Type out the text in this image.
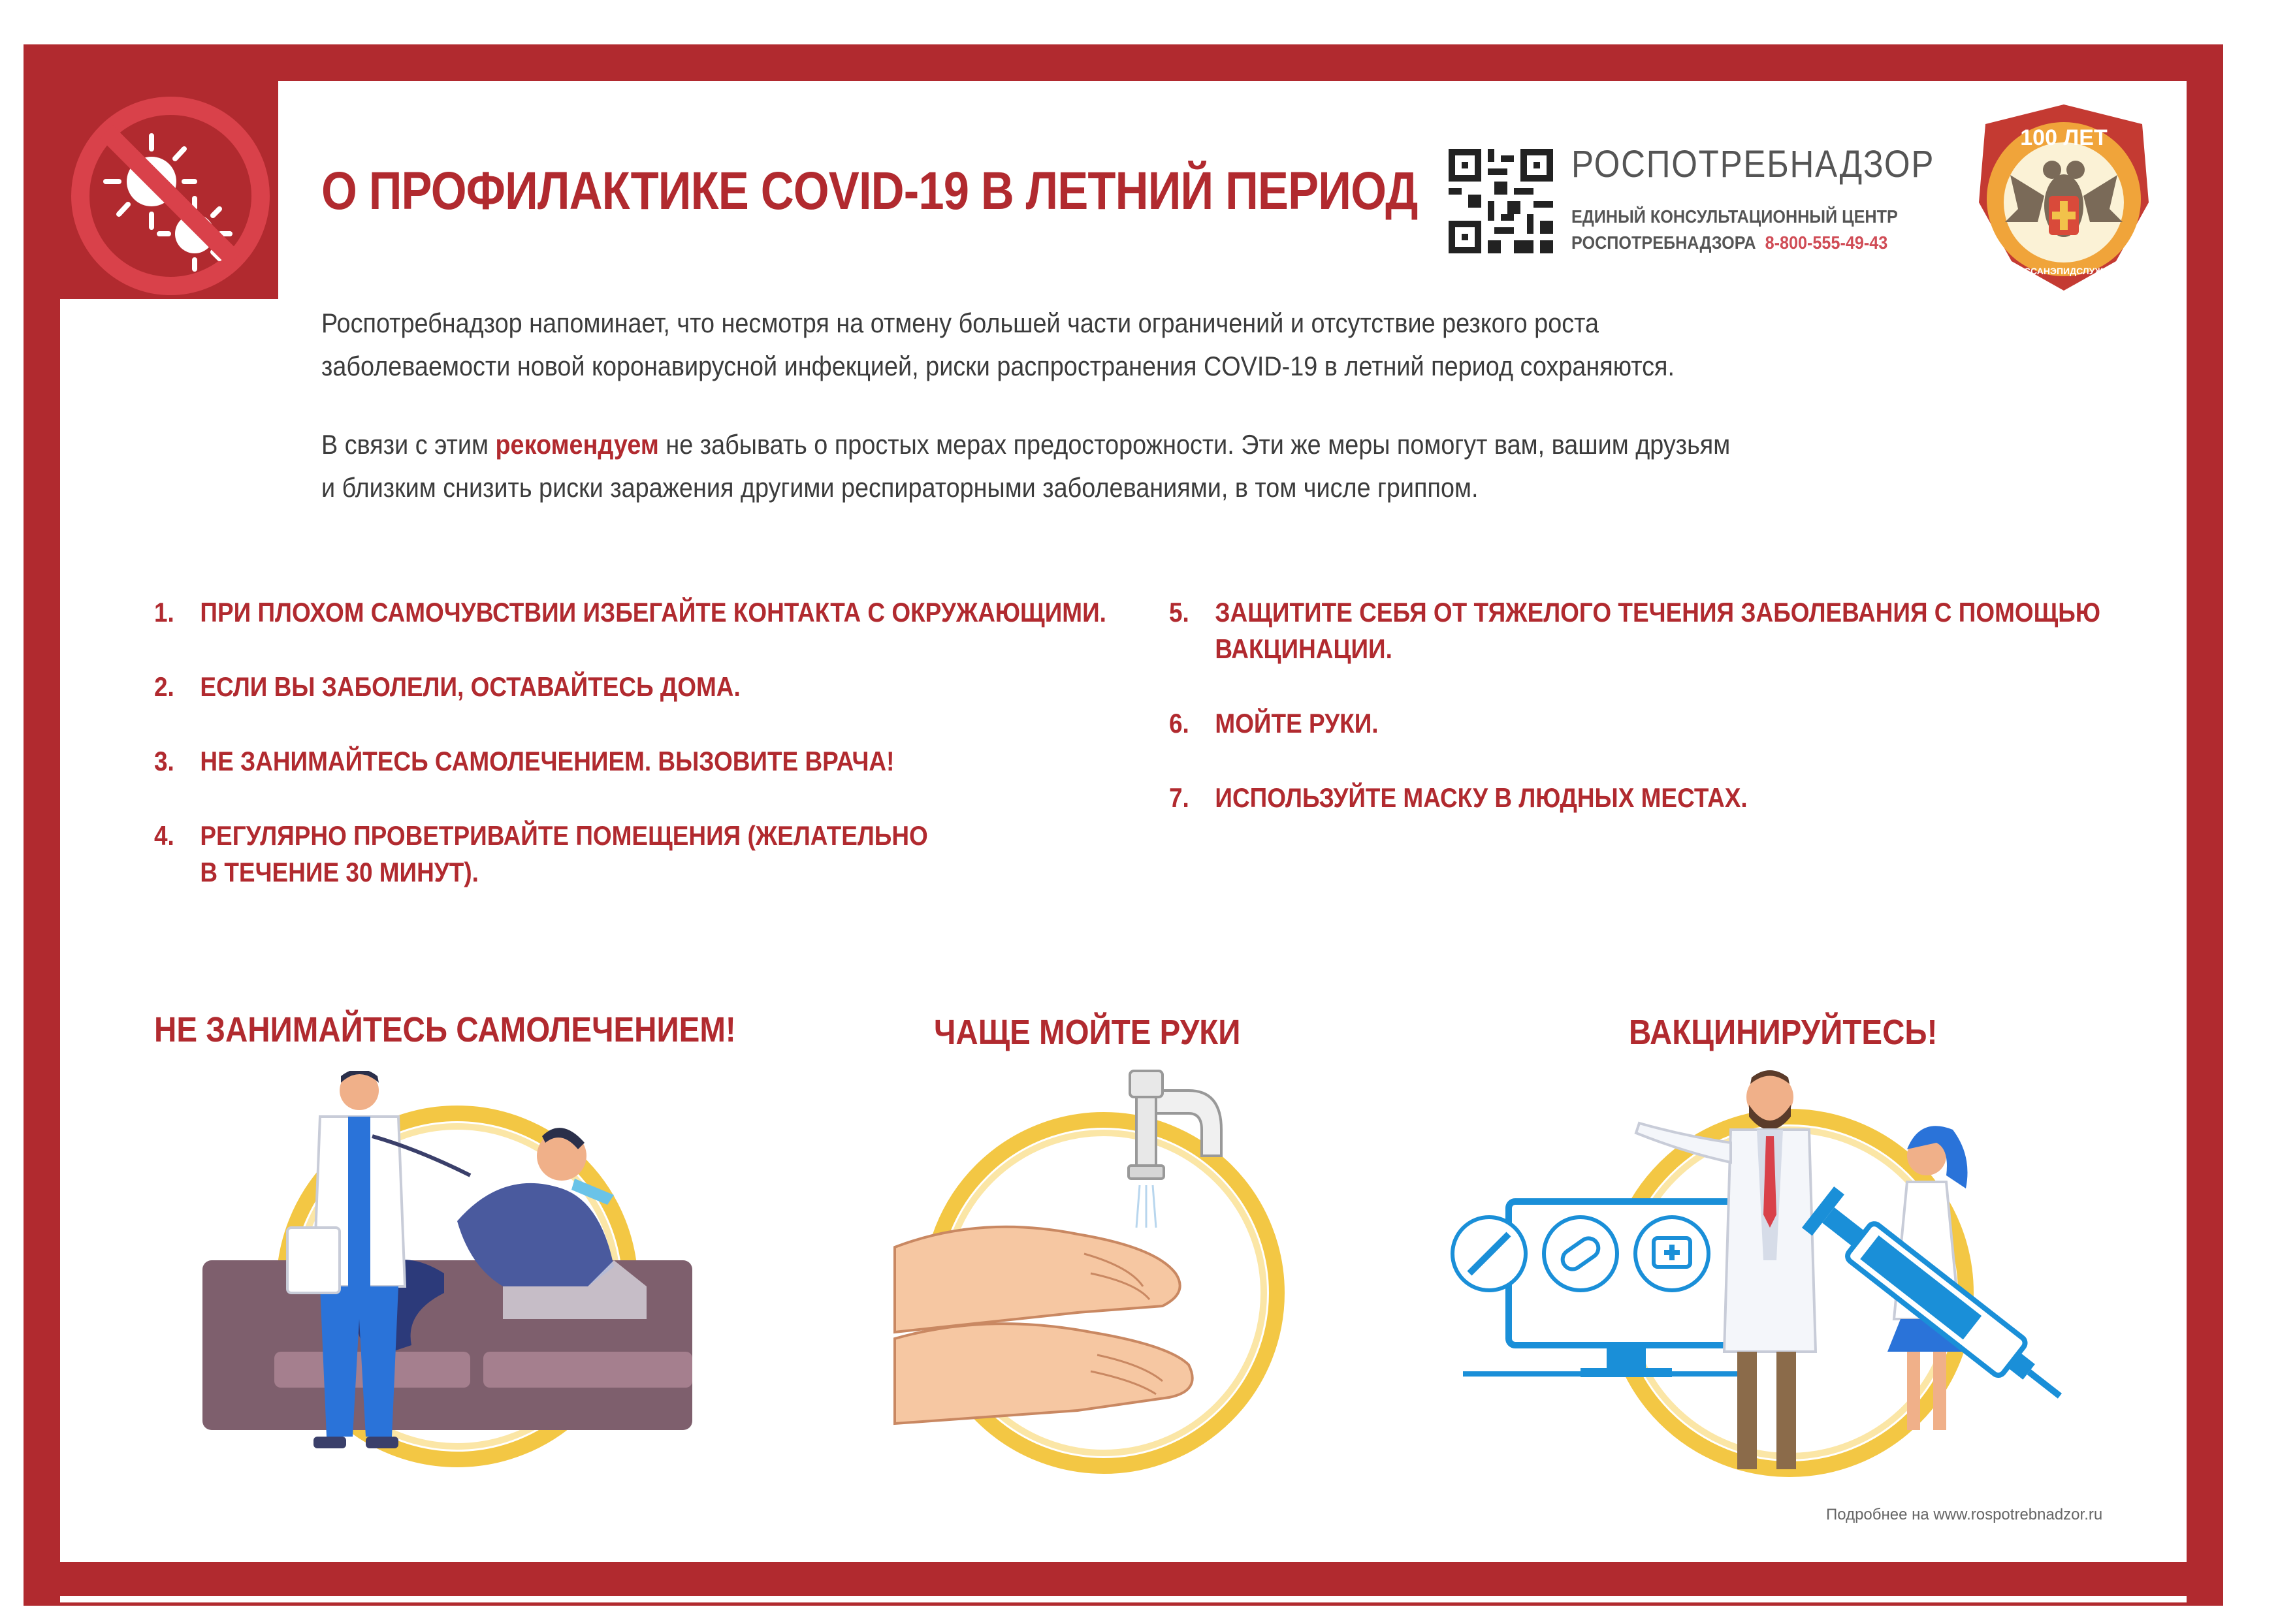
О ПРОФИЛАКТИКЕ COVID-19 В ЛЕТНИЙ ПЕРИОД	РОСПОТРЕБНАДЗОР
ЕДИНЫЙ КОНСУЛЬТАЦИОННЫЙ ЦЕНТР
РОСПОТРЕБНАДЗОРА 8-800-555-49-43
100 ЛЕТ
ГОССАНЭПИДСЛУЖБА
Роспотребнадзор напоминает, что несмотря на отмену большей части ограничений и отсутствие резкого роста
заболеваемости новой коронавирусной инфекцией, риски распространения COVID-19 в летний период сохраняются.
В связи с этим рекомендуем не забывать о простых мерах предосторожности. Эти же меры помогут вам, вашим друзьям
и близким снизить риски заражения другими респираторными заболеваниями, в том числе гриппом.
1. ПРИ ПЛОХОМ САМОЧУВСТВИИ ИЗБЕГАЙТЕ КОНТАКТА С ОКРУЖАЮЩИМИ.
2. ЕСЛИ ВЫ ЗАБОЛЕЛИ, ОСТАВАЙТЕСЬ ДОМА.
3. НЕ ЗАНИМАЙТЕСЬ САМОЛЕЧЕНИЕМ. ВЫЗОВИТЕ ВРАЧА!
4. РЕГУЛЯРНО ПРОВЕТРИВАЙТЕ ПОМЕЩЕНИЯ (ЖЕЛАТЕЛЬНО
В ТЕЧЕНИЕ 30 МИНУТ).
5. ЗАЩИТИТЕ СЕБЯ ОТ ТЯЖЕЛОГО ТЕЧЕНИЯ ЗАБОЛЕВАНИЯ С ПОМОЩЬЮ
ВАКЦИНАЦИИ.
6. МОЙТЕ РУКИ.
7. ИСПОЛЬЗУЙТЕ МАСКУ В ЛЮДНЫХ МЕСТАХ.
НЕ ЗАНИМАЙТЕСЬ САМОЛЕЧЕНИЕМ!	ЧАЩЕ МОЙТЕ РУКИ	ВАКЦИНИРУЙТЕСЬ!
Подробнее на www.rospotrebnadzor.ru
